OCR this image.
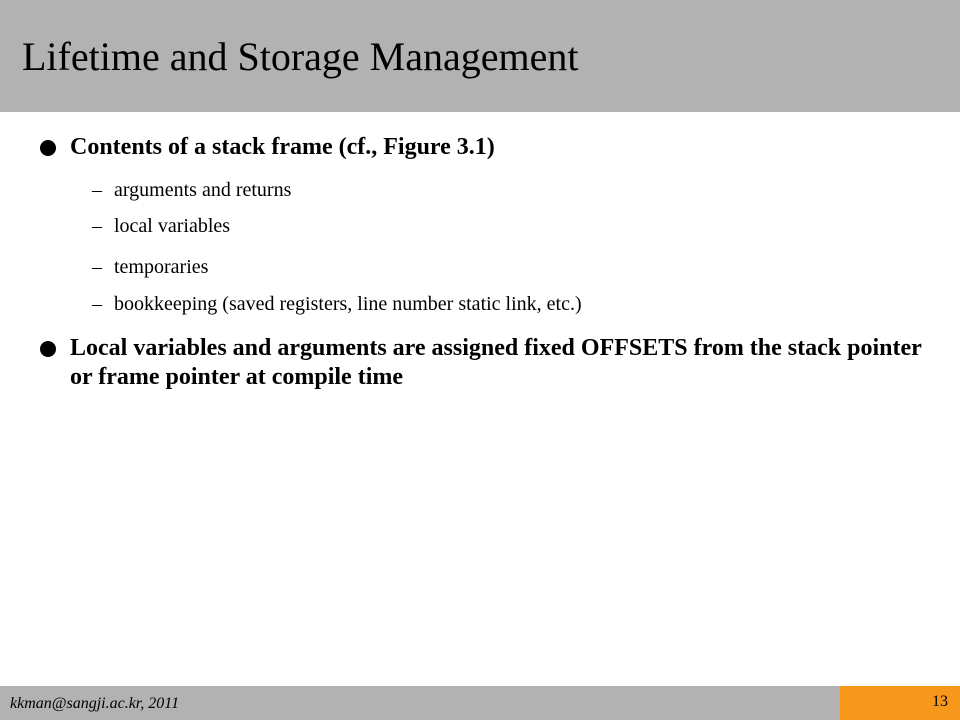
Lifetime and Storage Management
Contents of a stack frame (cf., Figure 3.1)
– arguments and returns
– local variables
– temporaries
– bookkeeping (saved registers, line number static link, etc.)
Local variables and arguments are assigned fixed OFFSETS from the stack pointer or frame pointer at compile time
kkman@sangji.ac.kr, 2011	13
